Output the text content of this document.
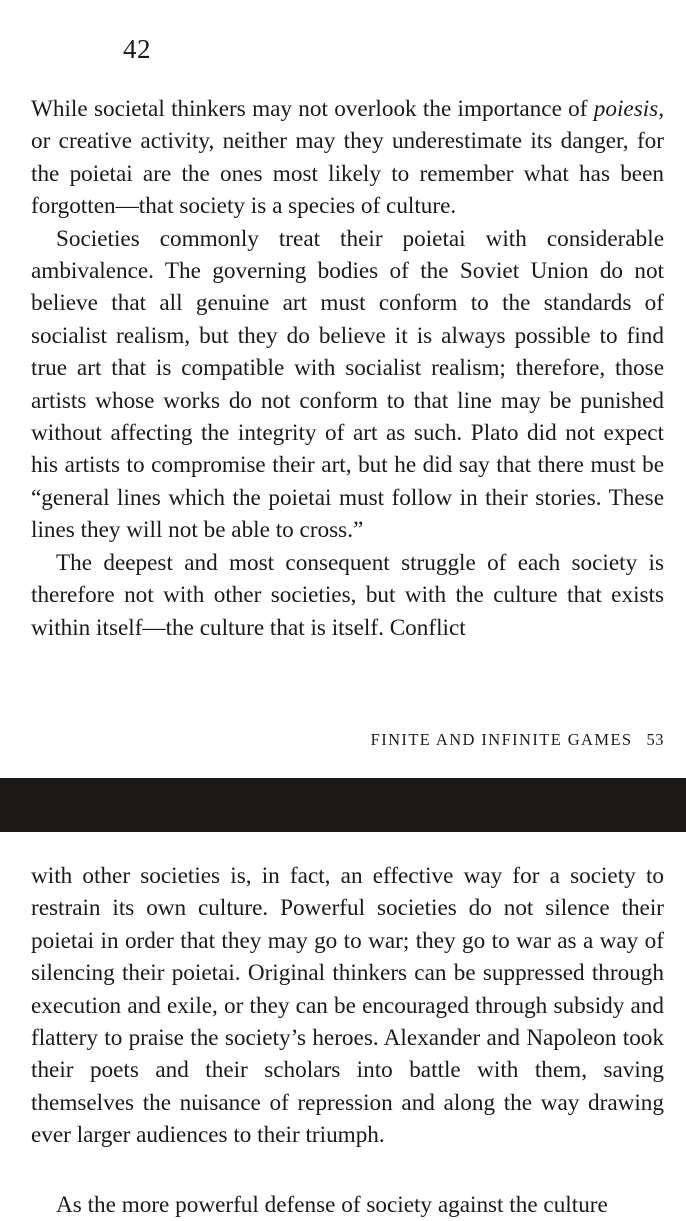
42

While societal thinkers may not overlook the importance of poiesis, or creative activity, neither may they underestimate its danger, for the poietai are the ones most likely to remember what has been forgotten—that society is a species of culture.

Societies commonly treat their poietai with considerable ambivalence. The governing bodies of the Soviet Union do not believe that all genuine art must conform to the standards of socialist realism, but they do believe it is always possible to find true art that is compatible with socialist realism; therefore, those artists whose works do not conform to that line may be punished without affecting the integrity of art as such. Plato did not expect his artists to compromise their art, but he did say that there must be “general lines which the poietai must follow in their stories. These lines they will not be able to cross.”

The deepest and most consequent struggle of each society is therefore not with other societies, but with the culture that exists within itself—the culture that is itself. Conflict

FINITE AND INFINITE GAMES 53

with other societies is, in fact, an effective way for a society to restrain its own culture. Powerful societies do not silence their poietai in order that they may go to war; they go to war as a way of silencing their poietai. Original thinkers can be suppressed through execution and exile, or they can be encouraged through subsidy and flattery to praise the society’s heroes. Alexander and Napoleon took their poets and their scholars into battle with them, saving themselves the nuisance of repression and along the way drawing ever larger audiences to their triumph.

As the more powerful defense of society against the culture
